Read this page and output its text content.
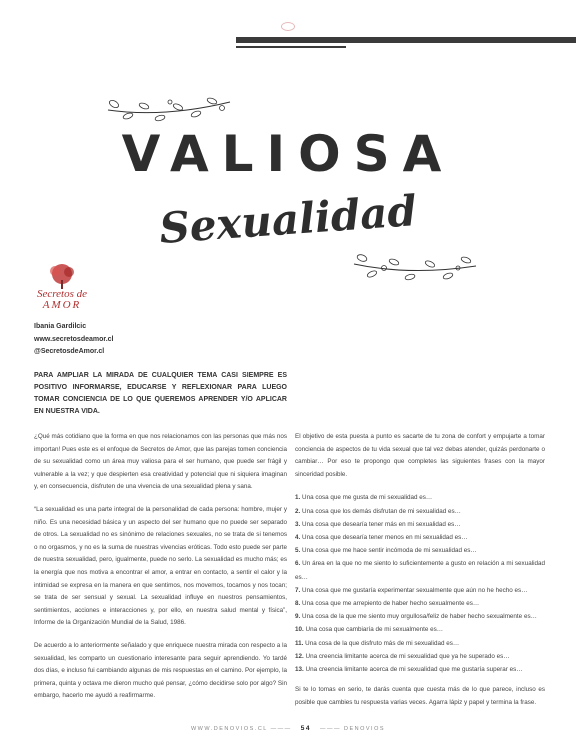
VALIOSA
Sexualidad
Secretos de
AMOR
Ibania Gardilcic
www.secretosdeamor.cl
@SecretosdeAmor.cl
PARA AMPLIAR LA MIRADA DE CUALQUIER TEMA CASI SIEMPRE ES POSITIVO INFORMARSE, EDUCARSE Y REFLEXIONAR PARA LUEGO TOMAR CONCIENCIA DE LO QUE QUEREMOS APRENDER Y/O APLICAR EN NUESTRA VIDA.

¿Qué más cotidiano que la forma en que nos relacionamos con las personas que más nos importan! Pues este es el enfoque de Secretos de Amor, que las parejas tomen conciencia de su sexualidad como un área muy valiosa para el ser humano, que puede ser frágil y vulnerable a la vez; y que despierten esa creatividad y potencial que ni siquiera imaginan y, en consecuencia, disfruten de una vivencia de una sexualidad plena y sana.

“La sexualidad es una parte integral de la personalidad de cada persona: hombre, mujer y niño. Es una necesidad básica y un aspecto del ser humano que no puede ser separado de otros. La sexualidad no es sinónimo de relaciones sexuales, no se trata de si tenemos o no orgasmos, y no es la suma de nuestras vivencias eróticas. Todo esto puede ser parte de nuestra sexualidad, pero, igualmente, puede no serlo. La sexualidad es mucho más; es la energía que nos motiva a encontrar el amor, a entrar en contacto, a sentir el calor y la intimidad se expresa en la manera en que sentimos, nos movemos, tocamos y nos tocan; se trata de ser sensual y sexual. La sexualidad influye en nuestros pensamientos, sentimientos, acciones e interacciones y, por ello, en nuestra salud mental y física”, Informe de la Organización Mundial de la Salud, 1986.

De acuerdo a lo anteriormente señalado y que enriquece nuestra mirada con respecto a la sexualidad, les comparto un cuestionario interesante para seguir aprendiendo. Yo tardé dos días, e incluso fui cambiando algunas de mis respuestas en el camino. Por ejemplo, la primera, quinta y octava me dieron mucho qué pensar, ¿cómo decidirse solo por algo? Sin embargo, hacerlo me ayudó a reafirmarme.

El objetivo de esta puesta a punto es sacarte de tu zona de confort y empujarte a tomar conciencia de aspectos de tu vida sexual que tal vez debas atender, quizás perdonarte o cambiar… Por eso te propongo que completes las siguientes frases con la mayor sinceridad posible.

1. Una cosa que me gusta de mi sexualidad es…
2. Una cosa que los demás disfrutan de mi sexualidad es…
3. Una cosa que desearía tener más en mi sexualidad es…
4. Una cosa que desearía tener menos en mi sexualidad es…
5. Una cosa que me hace sentir incómoda de mi sexualidad es…
6. Un área en la que no me siento lo suficientemente a gusto en relación a mi sexualidad es…
7. Una cosa que me gustaría experimentar sexualmente que aún no he hecho es…
8. Una cosa que me arrepiento de haber hecho sexualmente es…
9. Una cosa de la que me siento muy orgullosa/feliz de haber hecho sexualmente es…
10. Una cosa que cambiaría de mi sexualmente es…
11. Una cosa de la que disfruto más de mi sexualidad es…
12. Una creencia limitante acerca de mi sexualidad que ya he superado es…
13. Una creencia limitante acerca de mi sexualidad que me gustaría superar es…

Si te lo tomas en serio, te darás cuenta que cuesta más de lo que parece, incluso es posible que cambies tu respuesta varias veces. Agarra lápiz y papel y termina la frase.

WWW.DENOVIOS.CL ——— 54 ——— DENOVIOS
